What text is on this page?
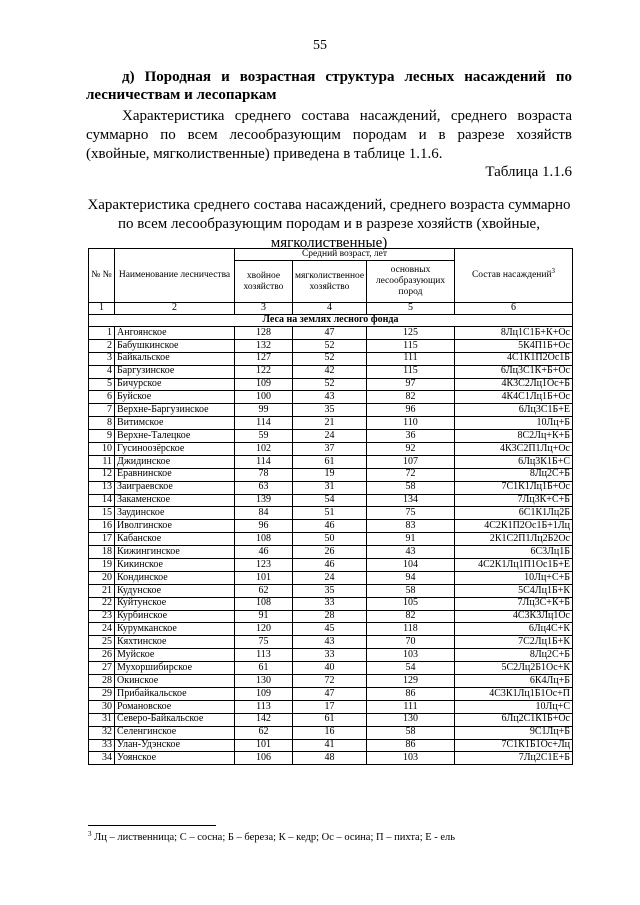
55
д) Породная и возрастная структура лесных насаждений по лесничествам и лесопаркам
Характеристика среднего состава насаждений, среднего возраста суммарно по всем лесообразующим породам и в разрезе хозяйств (хвойные, мягколиственные) приведена в таблице 1.1.6.
Таблица 1.1.6
Характеристика среднего состава насаждений, среднего возраста суммарно по всем лесообразующим породам и в разрезе хозяйств (хвойные, мягколиственные)
№ №	Наименование лесничества	Средний возраст, лет			Состав насаждений$^3$
		хвойное хозяйство	мягколиственное хозяйство	основных лесообразующих пород	
1	2	3	4	5	6
Леса на землях лесного фонда					
1	Ангоянское	128	47	125	8Лц1С1Б+К+Ос
2	Бабушкинское	132	52	115	5К4П1Б+Ос
3	Байкальское	127	52	111	4С1К1П2Ос1Б
4	Баргузинское	122	42	115	6Лц3С1К+Б+Ос
5	Бичурское	109	52	97	4К3С2Лц1Ос+Б
6	Буйское	100	43	82	4К4С1Лц1Б+Ос
7	Верхне-Баргузинское	99	35	96	6Лц3С1Б+Е
8	Витимское	114	21	110	10Лц+Б
9	Верхне-Талецкое	59	24	36	8С2Лц+К+Б
10	Гусиноозёрское	102	37	92	4К3С2П1Лц+Ос
11	Джидинское	114	61	107	6Лц3К1Б+С
12	Еравнинское	78	19	72	8Лц2С+Б
13	Заиграевское	63	31	58	7С1К1Лц1Б+Ос
14	Закаменское	139	54	134	7Лц3К+С+Б
15	Заудинское	84	51	75	6С1К1Лц2Б
16	Иволгинское	96	46	83	4С2К1П2Ос1Б+1Лц
17	Кабанское	108	50	91	2К1С2П1Лц2Б2Ос
18	Кижингинское	46	26	43	6С3Лц1Б
19	Кикинское	123	46	104	4С2К1Лц1П1Ос1Б+Е
20	Кондинское	101	24	94	10Лц+С+Б
21	Кудунское	62	35	58	5С4Лц1Б+К
22	Куйтунское	108	33	105	7Лц3С+К+Б
23	Курбинское	91	28	82	4С3К3Лц1Ос
24	Курумканское	120	45	118	6Лц4С+К
25	Кяхтинское	75	43	70	7С2Лц1Б+К
26	Муйское	113	33	103	8Лц2С+Б
27	Мухоршибирское	61	40	54	5С2Лц2Б1Ос+К
28	Окинское	130	72	129	6К4Лц+Б
29	Прибайкальское	109	47	86	4С3К1Лц1Б1Ос+П
30	Романовское	113	17	111	10Лц+С
31	Северо-Байкальское	142	61	130	6Лц2С1К1Б+Ос
32	Селенгинское	62	16	58	9С1Лц+Б
33	Улан-Удэнское	101	41	86	7С1К1Б1Ос+Лц
34	Уоянское	106	48	103	7Лц2С1Е+Б
$^3$ Лц – лиственница; С – сосна; Б – береза; К – кедр; Ос – осина; П – пихта; Е - ель
